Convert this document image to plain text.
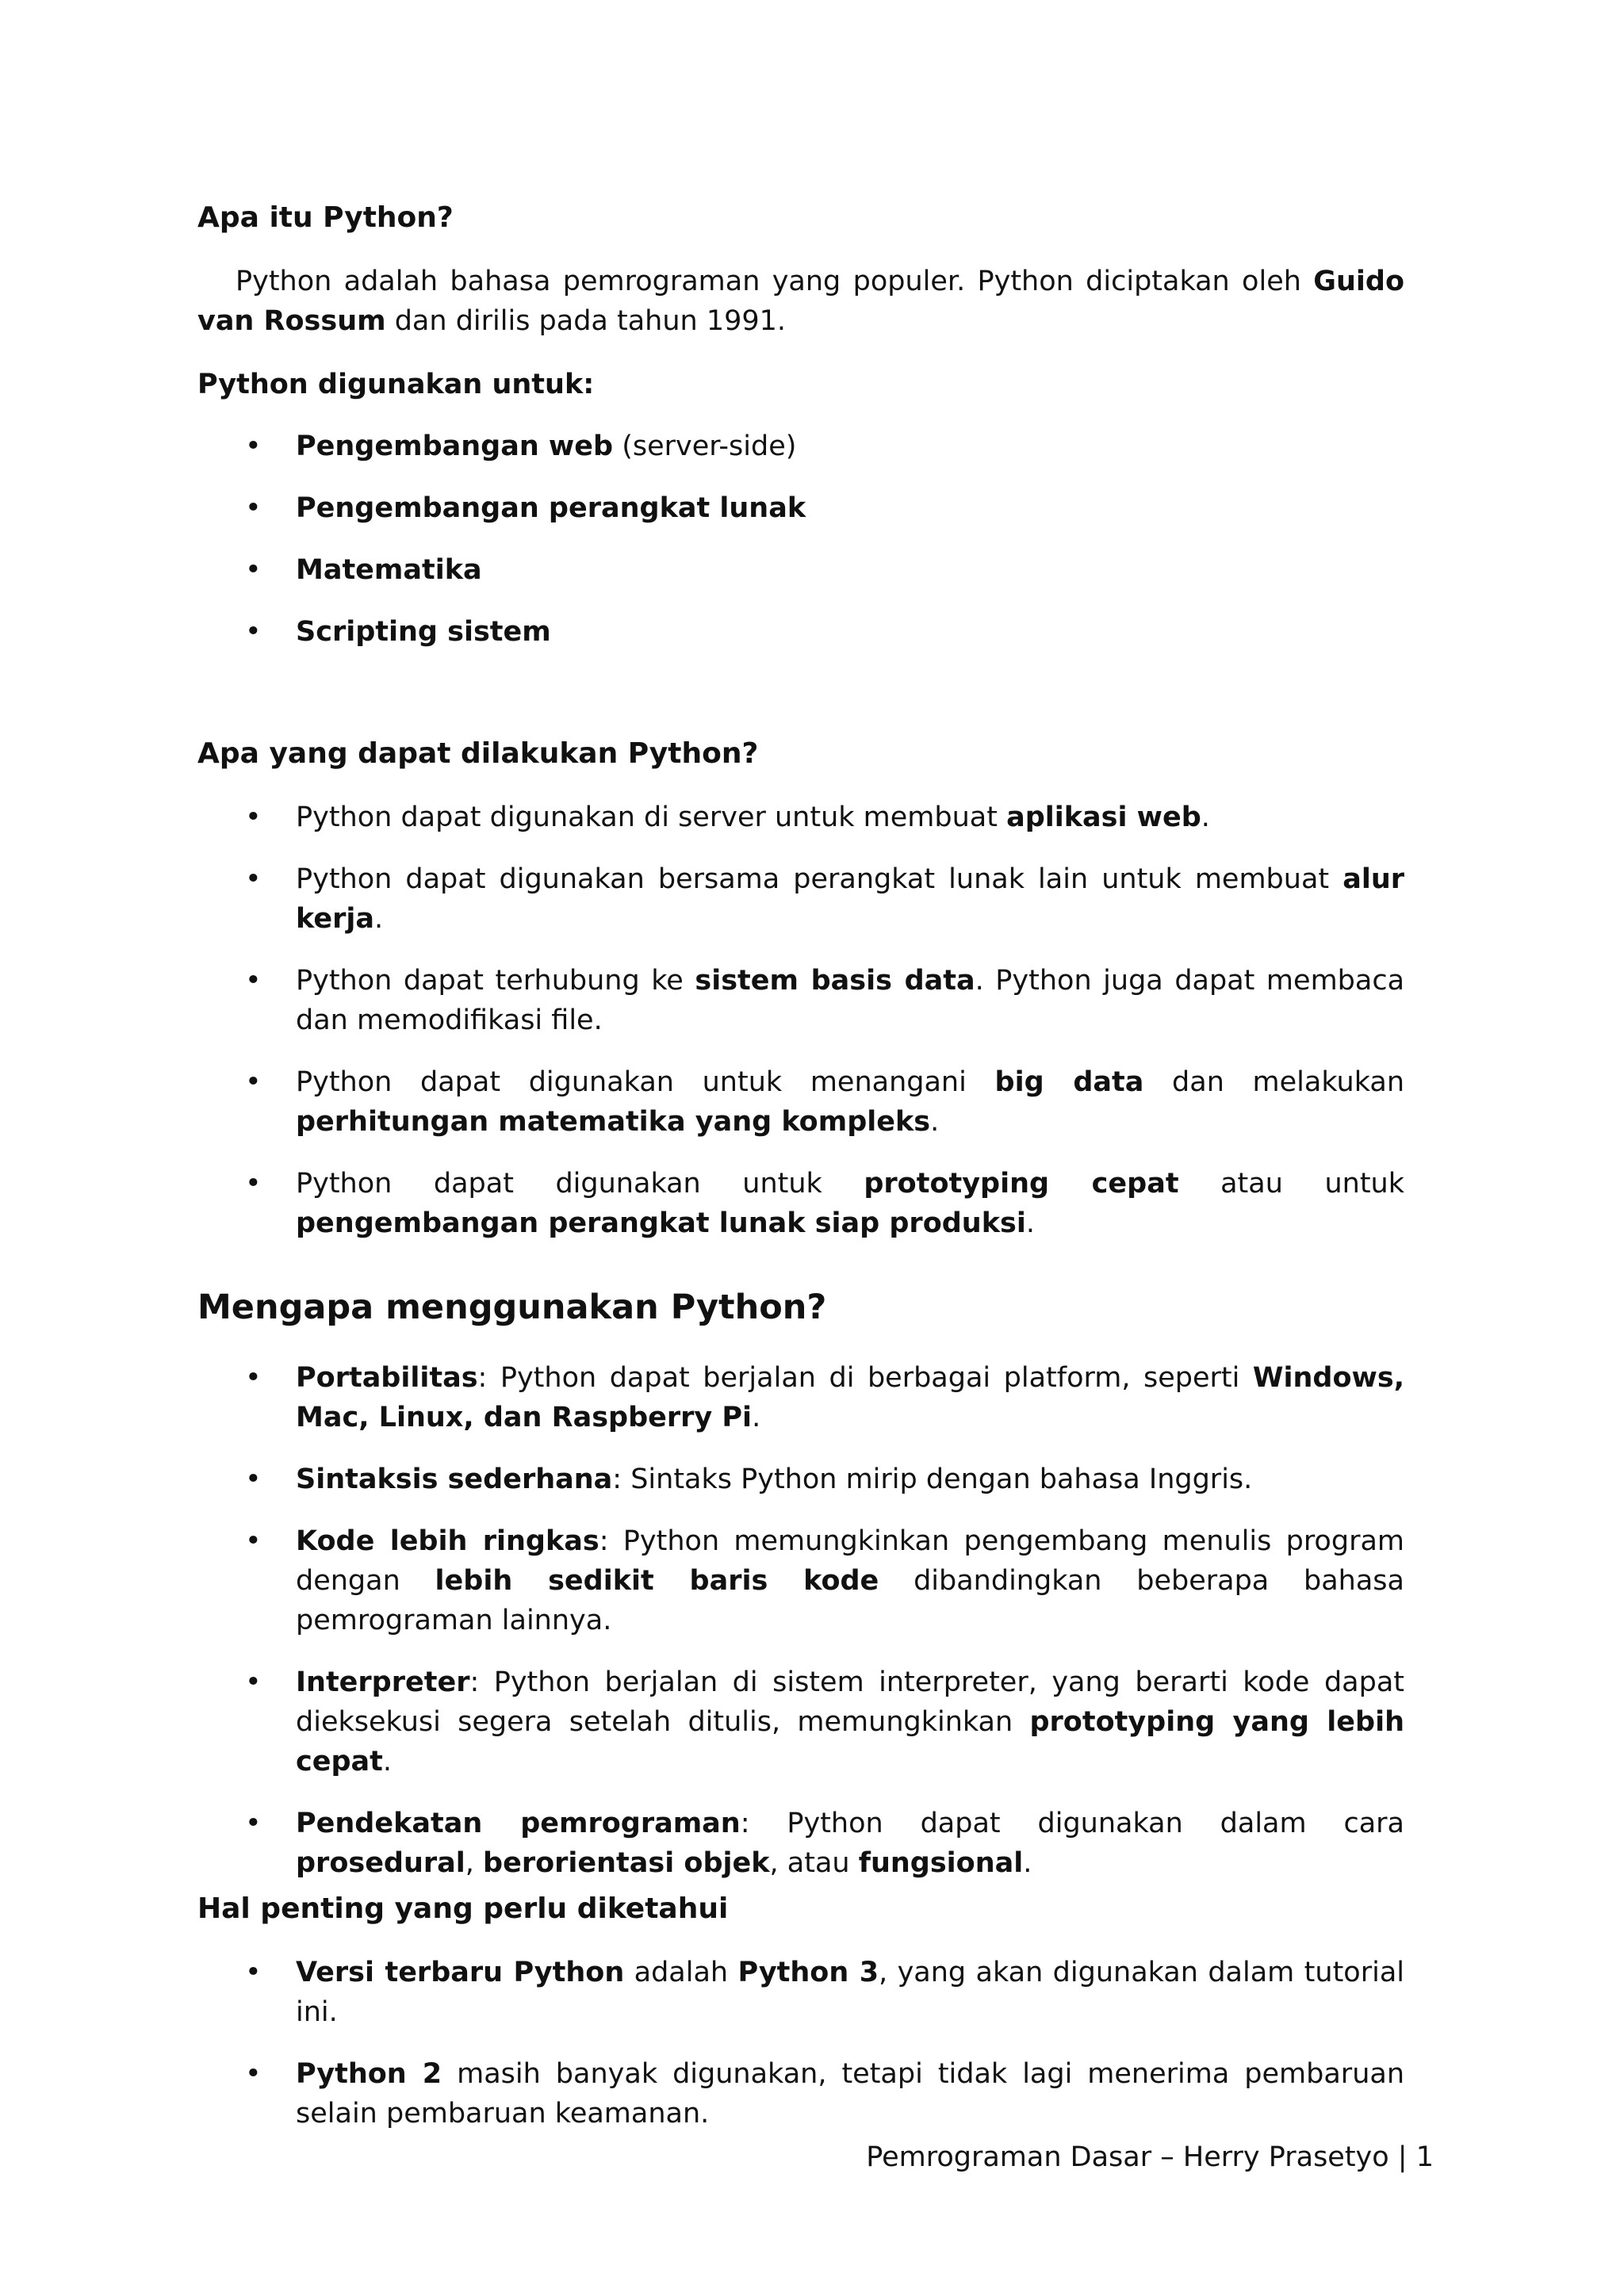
Apa itu Python?

Python adalah bahasa pemrograman yang populer. Python diciptakan oleh Guido van Rossum dan dirilis pada tahun 1991.

Python digunakan untuk:

• Pengembangan web (server-side)
• Pengembangan perangkat lunak
• Matematika
• Scripting sistem
Apa yang dapat dilakukan Python?
• Python dapat digunakan di server untuk membuat aplikasi web.
• Python dapat digunakan bersama perangkat lunak lain untuk membuat alur kerja.
• Python dapat terhubung ke sistem basis data. Python juga dapat membaca dan memodifikasi file.
• Python dapat digunakan untuk menangani big data dan melakukan perhitungan matematika yang kompleks.
• Python dapat digunakan untuk prototyping cepat atau untuk pengembangan perangkat lunak siap produksi.
Mengapa menggunakan Python?
• Portabilitas: Python dapat berjalan di berbagai platform, seperti Windows, Mac, Linux, dan Raspberry Pi.
• Sintaksis sederhana: Sintaks Python mirip dengan bahasa Inggris.
• Kode lebih ringkas: Python memungkinkan pengembang menulis program dengan lebih sedikit baris kode dibandingkan beberapa bahasa pemrograman lainnya.
• Interpreter: Python berjalan di sistem interpreter, yang berarti kode dapat dieksekusi segera setelah ditulis, memungkinkan prototyping yang lebih cepat.
• Pendekatan pemrograman: Python dapat digunakan dalam cara prosedural, berorientasi objek, atau fungsional.
Hal penting yang perlu diketahui
• Versi terbaru Python adalah Python 3, yang akan digunakan dalam tutorial ini.
• Python 2 masih banyak digunakan, tetapi tidak lagi menerima pembaruan selain pembaruan keamanan.
Pemrograman Dasar – Herry Prasetyo | 1
